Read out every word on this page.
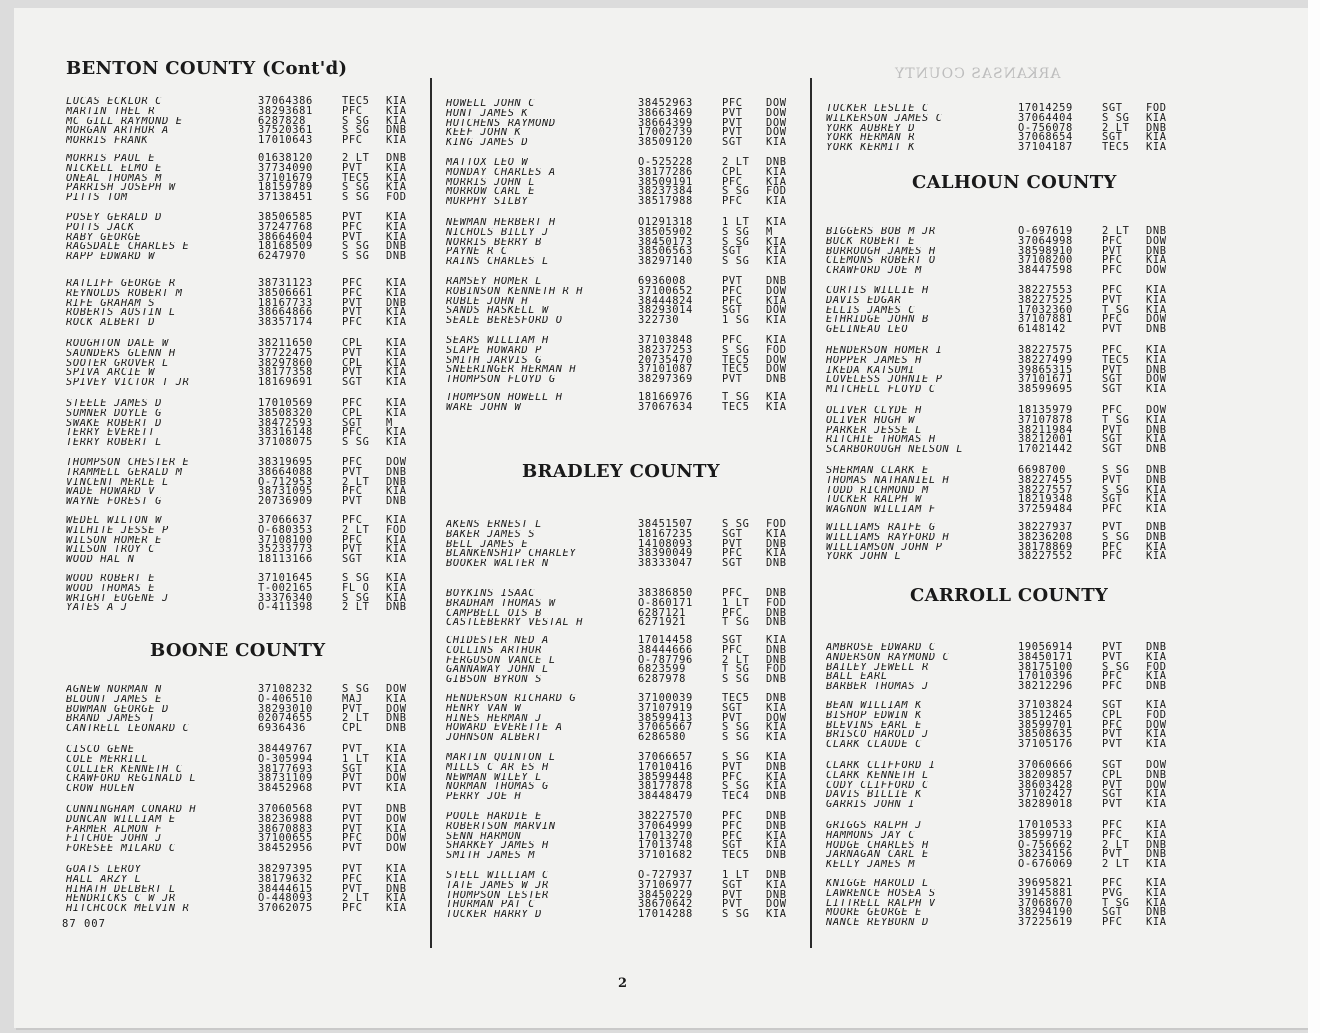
ARKANSAS COUNTY
BENTON COUNTY (Cont'd)
LUCAS ECKLOR C	37064386	TEC5	KIA
MARTIN THEL R	38293681	PFC	KIA
MC GILL RAYMOND E	6287828	S SG	KIA
MORGAN ARTHUR A	37520361	S SG	DNB
MORRIS FRANK	17010643	PFC	KIA
MORRIS PAUL E	01638120	2 LT	DNB
NICKELL ELMO E	37734090	PVT	KIA
ONEAL THOMAS M	37101679	TEC5	KIA
PARRISH JOSEPH W	18159789	S SG	KIA
PITTS TOM	37138451	S SG	FOD
POSEY GERALD D	38506585	PVT	KIA
POTTS JACK	37247768	PFC	KIA
RABY GEORGE	38664604	PVT	KIA
RAGSDALE CHARLES E	18168509	S SG	DNB
RAPP EDWARD W	6247970	S SG	DNB
RATLIFF GEORGE R	38731123	PFC	KIA
REYNOLDS ROBERT M	38506661	PFC	KIA
RIFE GRAHAM S	18167733	PVT	DNB
ROBERTS AUSTIN L	38664866	PVT	KIA
ROCK ALBERT D	38357174	PFC	KIA
ROUGHTON DALE W	38211650	CPL	KIA
SAUNDERS GLENN H	37722475	PVT	KIA
SOOTER GROVER L	38297860	CPL	KIA
SPIVA ARCIE W	38177358	PVT	KIA
SPIVEY VICTOR T JR	18169691	SGT	KIA
STEELE JAMES D	17010569	PFC	KIA
SUMNER DOYLE G	38508320	CPL	KIA
SWAKE ROBERT D	38472593	SGT	M
TERRY EVERETT	38316148	PFC	KIA
TERRY ROBERT L	37108075	S SG	KIA
THOMPSON CHESTER E	38319695	PFC	DOW
TRAMMELL GERALD M	38664088	PVT	DNB
VINCENT MERLE L	O-712953	2 LT	DNB
WADE HOWARD V	38731095	PFC	KIA
WAYNE FOREST G	20736909	PVT	DNB
WEDEL WILTON W	37066637	PFC	KIA
WILHITE JESSE P	O-680353	2 LT	FOD
WILSON HOMER E	37108100	PFC	KIA
WILSON TROY C	35233773	PVT	KIA
WOOD HAL N	18113166	SGT	KIA
WOOD ROBERT E	37101645	S SG	KIA
WOOD THOMAS E	T-002165	FL O	KIA
WRIGHT EUGENE J	33376340	S SG	KIA
YATES A J	O-411398	2 LT	DNB
BOONE COUNTY
AGNEW NORMAN N	37108232	S SG	DOW
BLOUNT JAMES E	O-406510	MAJ	KIA
BOWMAN GEORGE D	38293010	PVT	DOW
BRAND JAMES T	02074655	2 LT	DNB
CANTRELL LEONARD C	6936436	CPL	DNB
CISCO GENE	38449767	PVT	KIA
COLE MERRILL	O-305994	1 LT	KIA
COLLIER KENNETH C	38177693	SGT	KIA
CRAWFORD REGINALD L	38731109	PVT	DOW
CROW HULEN	38452968	PVT	KIA
CUNNINGHAM CONARD H	37060568	PVT	DNB
DUNCAN WILLIAM E	38236988	PVT	DOW
FARMER ALMON F	38670883	PVT	KIA
FITCHUE JOHN J	37100655	PFC	DOW
FORESEE MILARD C	38452956	PVT	DOW
GOATS LEROY	38297395	PVT	KIA
HALL ARZY L	38179632	PFC	KIA
HIHATH DELBERT L	38444615	PVT	DNB
HENDRICKS C W JR	O-448093	2 LT	KIA
HITCHCOCK MELVIN R	37062075	PFC	KIA
HOWELL JOHN C	38452963	PFC	DOW
HUNT JAMES K	38663469	PVT	DOW
HUTCHENS RAYMOND	38664399	PVT	DOW
KEEF JOHN K	17002739	PVT	DOW
KING JAMES D	38509120	SGT	KIA
MATTOX LEO W	O-525228	2 LT	DNB
MONDAY CHARLES A	38177286	CPL	KIA
MORRIS JOHN L	38509191	PFC	KIA
MORROW CARL E	38237384	S SG	FOD
MURPHY SILBY	38517988	PFC	KIA
NEWMAN HERBERT H	O1291318	1 LT	KIA
NICHOLS BILLY J	38505902	S SG	M
NORRIS BERRY B	38450173	S SG	KIA
PAYNE R C	38506563	SGT	KIA
RAINS CHARLES L	38297140	S SG	KIA
RAMSEY HOMER L	6936008	PVT	DNB
ROBINSON KENNETH R H	37100652	PFC	DOW
RUBLE JOHN H	38444824	PFC	KIA
SANDS HASKELL W	38293014	SGT	DOW
SEALE BERESFORD O	322730	1 SG	KIA
SEARS WILLIAM H	37103848	PFC	KIA
SLAPE HOWARD P	38237253	S SG	FOD
SMITH JARVIS G	20735470	TEC5	DOW
SNEERINGER HERMAN H	37101087	TEC5	DOW
THOMPSON FLOYD G	38297369	PVT	DNB
THOMPSON HOWELL H	18166976	T SG	KIA
WARE JOHN W	37067634	TEC5	KIA
BRADLEY COUNTY
AKENS ERNEST L	38451507	S SG	FOD
BAKER JAMES S	18167235	SGT	KIA
BELL JAMES E	14108093	PVT	DNB
BLANKENSHIP CHARLEY	38390049	PFC	KIA
BOOKER WALTER N	38333047	SGT	DNB
BOYKINS ISAAC	38386850	PFC	DNB
BRADHAM THOMAS W	O-860171	1 LT	FOD
CAMPBELL OIS B	6287121	PFC	DNB
CASTLEBERRY VESTAL H	6271921	T SG	DNB
CHIDESTER NED A	17014458	SGT	KIA
COLLINS ARTHUR	38444666	PFC	DNB
FERGUSON VANCE L	O-787796	2 LT	DNB
GANNAWAY JOHN L	6823599	T SG	FOD
GIBSON BYRON S	6287978	S SG	DNB
HENDERSON RICHARD G	37100039	TEC5	DNB
HENRY VAN W	37107919	SGT	KIA
HINES HERMAN J	38599413	PVT	DOW
HOWARD EVERETTE A	37065667	S SG	KIA
JOHNSON ALBERT	6286580	S SG	KIA
MARTIN QUINTON L	37066657	S SG	KIA
MILLS C AR ES H	17010416	PVT	DNB
NEWMAN WILEY L	38599448	PFC	KIA
NORMAN THOMAS G	38177878	S SG	KIA
PERRY JOE H	38448479	TEC4	DNB
POOLE HARDIE E	38227570	PFC	DNB
ROBERTSON MARVIN	37064999	PFC	DNB
SENN HARMON	17013270	PFC	KIA
SHARKEY JAMES H	17013748	SGT	KIA
SMITH JAMES M	37101682	TEC5	DNB
STELL WILLIAM C	O-727937	1 LT	DNB
TATE JAMES W JR	37106977	SGT	KIA
THOMPSON LESTER	38450229	PVT	DNB
THURMAN PAT C	38670642	PVT	DOW
TUCKER HARRY D	17014288	S SG	KIA
TUCKER LESLIE C	17014259	SGT	FOD
WILKERSON JAMES C	37064404	S SG	KIA
YORK AUBREY D	O-756078	2 LT	DNB
YORK HERMAN R	37068654	SGT	KIA
YORK KERMIT K	37104187	TEC5	KIA
CALHOUN COUNTY
BIGGERS BOB M JR	O-697619	2 LT	DNB
BUCK ROBERT E	37064998	PFC	DOW
BURROUGH JAMES H	38598910	PVT	DNB
CLEMONS ROBERT O	37108200	PFC	KIA
CRAWFORD JOE M	38447598	PFC	DOW
CURTIS WILLIE H	38227553	PFC	KIA
DAVIS EDGAR	38227525	PVT	KIA
ELLIS JAMES C	17032360	T SG	KIA
ETHRIDGE JOHN B	37107881	PFC	DOW
GELINEAU LEO	6148142	PVT	DNB
HENDERSON HOMER I	38227575	PFC	KIA
HOPPER JAMES H	38227499	TEC5	KIA
IKEDA KATSUMI	39865315	PVT	DNB
LOVELESS JOHNIE P	37101671	SGT	DOW
MITCHELL FLOYD C	38599695	SGT	KIA
OLIVER CLYDE H	18135979	PFC	DOW
OLIVER HUGH W	37107878	T SG	KIA
PARKER JESSE L	38211984	PVT	DNB
RITCHIE THOMAS H	38212001	SGT	KIA
SCARBOROUGH NELSON L	17021442	SGT	DNB
SHERMAN CLARK E	6698700	S SG	DNB
THOMAS NATHANIEL H	38227455	PVT	DNB
TODD RICHMOND M	38227557	S SG	KIA
TUCKER RALPH W	18219348	SGT	KIA
WAGNON WILLIAM F	37259484	PFC	KIA
WILLIAMS RAIFE G	38227937	PVT	DNB
WILLIAMS RAYFORD H	38236208	S SG	DNB
WILLIAMSON JOHN P	38178869	PFC	KIA
YORK JOHN L	38227552	PFC	KIA
CARROLL COUNTY
AMBROSE EDWARD C	19056914	PVT	DNB
ANDERSON RAYMOND C	38450171	PVT	KIA
BAILEY JEWELL R	38175100	S SG	FOD
BALL EARL	17010396	PFC	KIA
BARBER THOMAS J	38212296	PFC	DNB
BEAN WILLIAM K	37103824	SGT	KIA
BISHOP EDWIN K	38512465	CPL	FOD
BLEVINS EARL E	38599701	PFC	DOW
BRISCO HAROLD J	38508635	PVT	KIA
CLARK CLAUDE C	37105176	PVT	KIA
CLARK CLIFFORD I	37060666	SGT	DOW
CLARK KENNETH L	38209857	CPL	DNB
CODY CLIFFORD C	38603428	PVT	DOW
DAVIS BILLIE K	37102427	SGT	KIA
GARRIS JOHN I	38289018	PVT	KIA
GRIGGS RALPH J	17010533	PFC	KIA
HAMMONS JAY C	38599719	PFC	KIA
HODGE CHARLES H	O-756662	2 LT	DNB
JARNAGAN CARL E	38234156	PVT	DNB
KELLY JAMES M	O-676069	2 LT	KIA
KNIGGE HAROLD L	39695821	PFC	KIA
LAWRENCE HOSEA S	39145881	PVG	KIA
LITTRELL RALPH V	37068670	T SG	KIA
MOORE GEORGE E	38294190	SGT	DNB
NANCE REYBURN D	37225619	PFC	KIA
87 007
2
